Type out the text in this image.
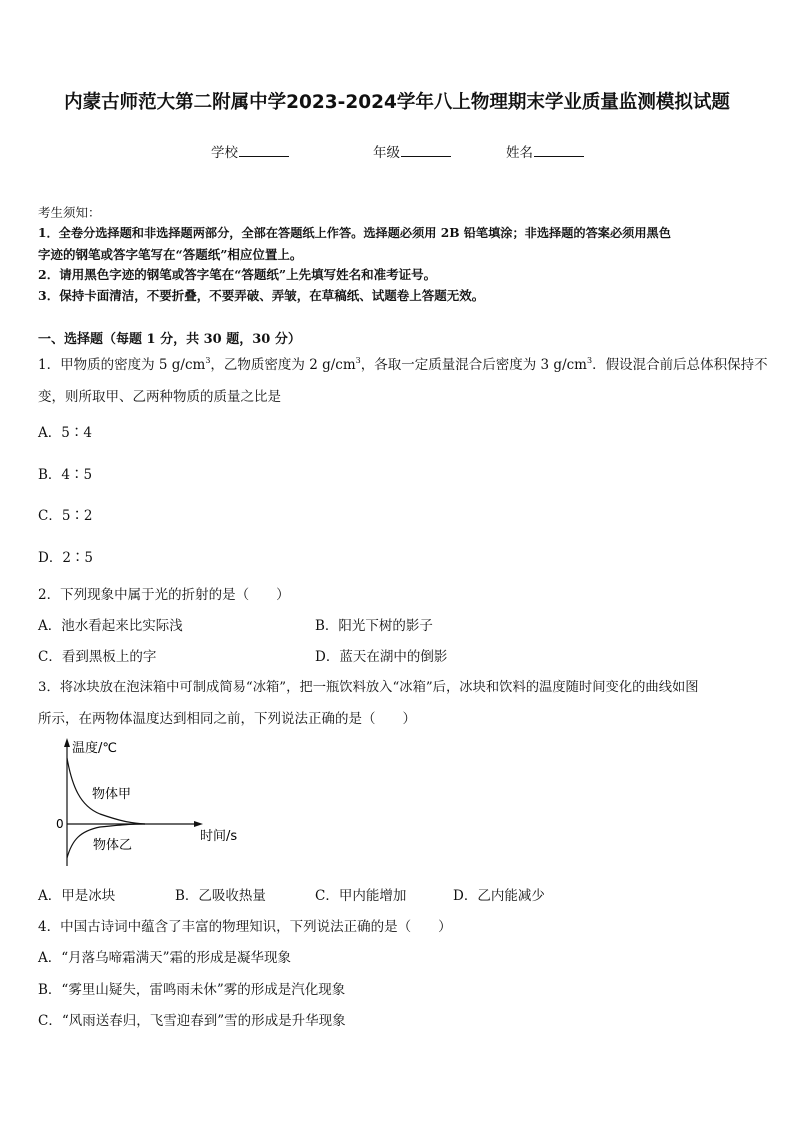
内蒙古师范大第二附属中学2023-2024学年八上物理期末学业质量监测模拟试题
学校	年级	姓名
考生须知：
1．全卷分选择题和非选择题两部分，全部在答题纸上作答。选择题必须用 2B 铅笔填涂；非选择题的答案必须用黑色
字迹的钢笔或答字笔写在“答题纸”相应位置上。
2．请用黑色字迹的钢笔或答字笔在“答题纸”上先填写姓名和准考证号。
3．保持卡面清洁，不要折叠，不要弄破、弄皱，在草稿纸、试题卷上答题无效。
一、选择题（每题 1 分，共 30 题，30 分）
1．甲物质的密度为 5 $g/cm^3$，乙物质密度为 2 $g/cm^3$，各取一定质量混合后密度为 3 $g/cm^3$．假设混合前后总体积保持不
变，则所取甲、乙两种物质的质量之比是
A．5∶4
B．4∶5
C．5∶2
D．2∶5
2．下列现象中属于光的折射的是（　　）
A．池水看起来比实际浅	B．阳光下树的影子
C．看到黑板上的字	D．蓝天在湖中的倒影
3．将冰块放在泡沫箱中可制成简易“冰箱”，把一瓶饮料放入“冰箱”后，冰块和饮料的温度随时间变化的曲线如图
所示，在两物体温度达到相同之前，下列说法正确的是（　　）
温度/℃
时间/s
0
物体甲
物体乙
A．甲是冰块	B．乙吸收热量	C．甲内能增加	D．乙内能减少
4．中国古诗词中蕴含了丰富的物理知识，下列说法正确的是（　　）
A．“月落乌啼霜满天”霜的形成是凝华现象
B．“雾里山疑失，雷鸣雨未休”雾的形成是汽化现象
C．“风雨送春归，飞雪迎春到”雪的形成是升华现象
